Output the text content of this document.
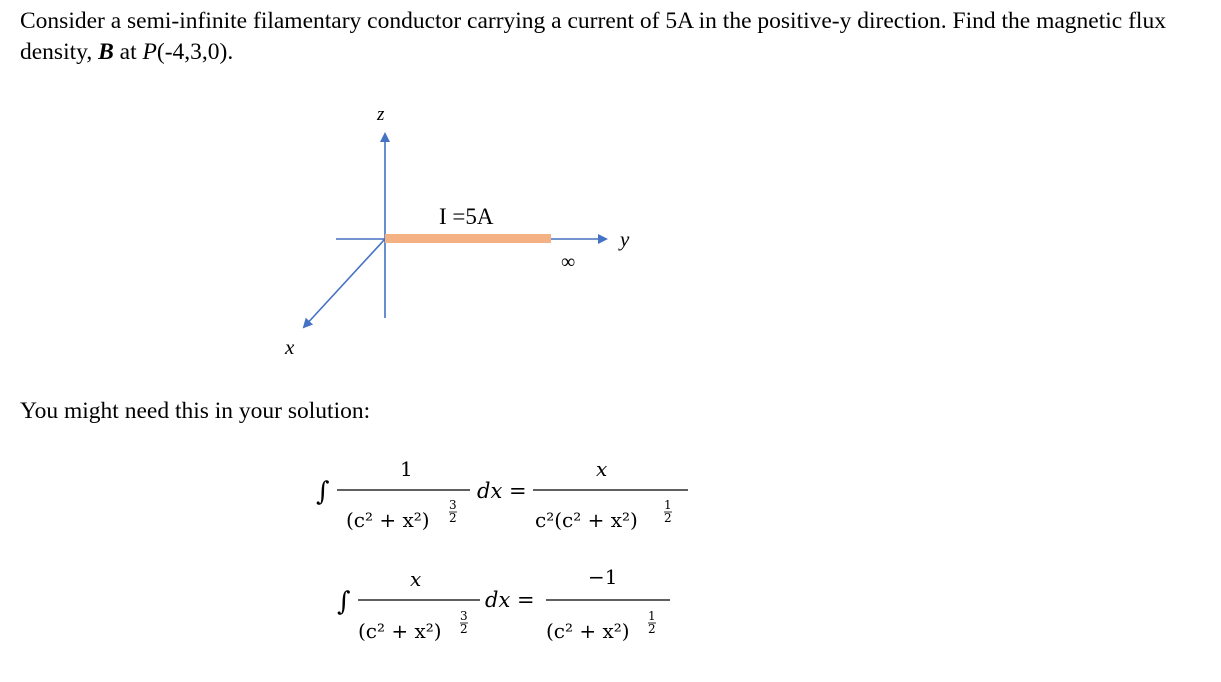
Consider a semi-infinite filamentary conductor carrying a current of 5A in the positive-y direction. Find the magnetic flux density, B at P(-4,3,0).

z
I =5A
y
∞
x

You might need this in your solution:

∫
1
(c² + x²)
3 2
dx =
x
c²(c² + x²)
1 2
∫
x
(c² + x²)
3 2
dx =
−1
(c² + x²)
1 2
